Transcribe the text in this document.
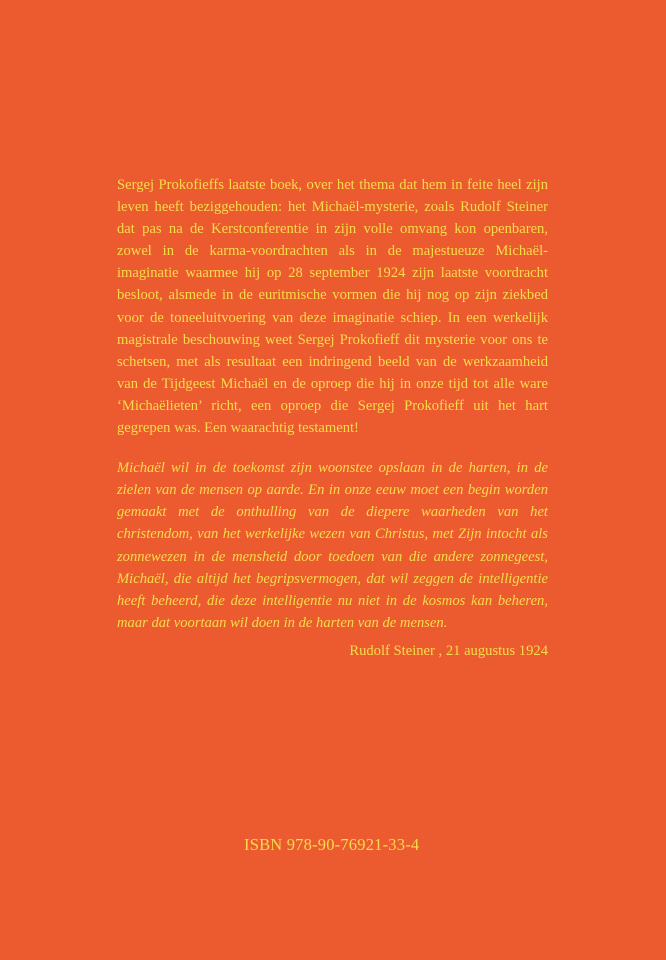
Sergej Prokofieffs laatste boek, over het thema dat hem in feite heel zijn leven heeft beziggehouden: het Michaël-mysterie, zoals Rudolf Steiner dat pas na de Kerstconferentie in zijn volle omvang kon openbaren, zowel in de karma-voordrachten als in de majestueuze Michaël-imaginatie waarmee hij op 28 september 1924 zijn laatste voordracht besloot, alsmede in de euritmische vormen die hij nog op zijn ziekbed voor de toneeluitvoering van deze imaginatie schiep. In een werkelijk magistrale beschouwing weet Sergej Prokofieff dit mysterie voor ons te schetsen, met als resultaat een indringend beeld van de werkzaamheid van de Tijdgeest Michaël en de oproep die hij in onze tijd tot alle ware ‘Michaëlieten’ richt, een oproep die Sergej Prokofieff uit het hart gegrepen was. Een waarachtig testament!

Michaël wil in de toekomst zijn woonstee opslaan in de harten, in de zielen van de mensen op aarde. En in onze eeuw moet een begin worden gemaakt met de onthulling van de diepere waarheden van het christendom, van het werkelijke wezen van Christus, met Zijn intocht als zonnewezen in de mensheid door toedoen van die andere zonnegeest, Michaël, die altijd het begripsvermogen, dat wil zeggen de intelligentie heeft beheerd, die deze intelligentie nu niet in de kosmos kan beheren, maar dat voortaan wil doen in de harten van de mensen.

Rudolf Steiner , 21 augustus 1924

ISBN 978-90-76921-33-4
